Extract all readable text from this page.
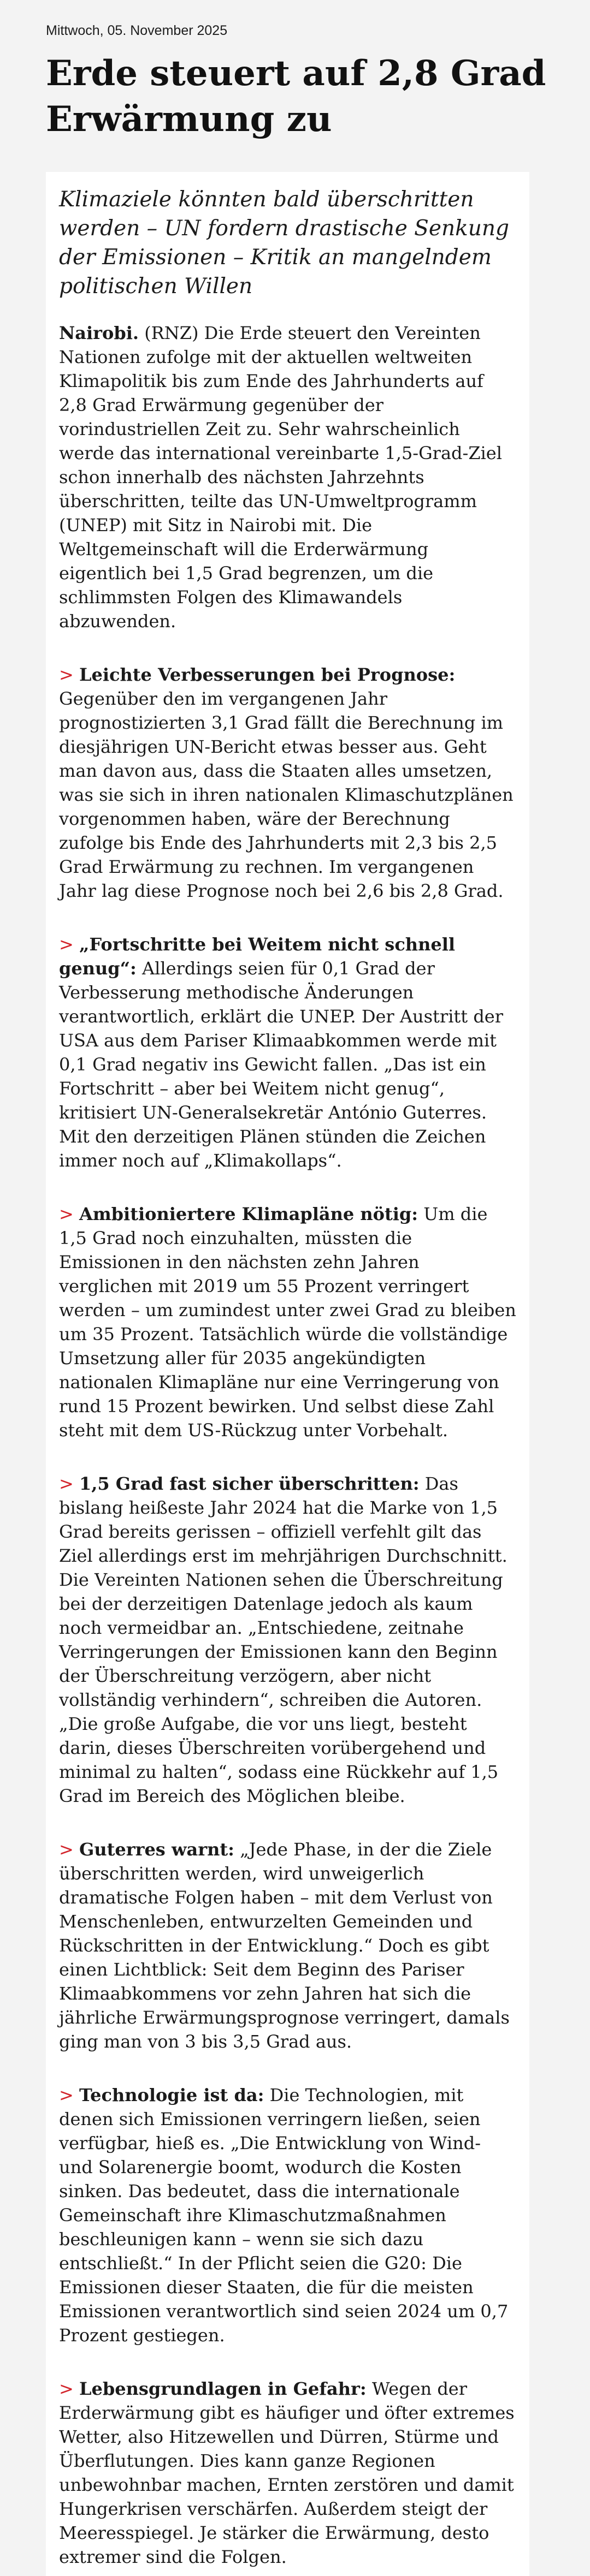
Mittwoch, 05. November 2025
Erde steuert auf 2,8 Grad Erwärmung zu

Klimaziele könnten bald überschritten werden – UN fordern drastische Senkung der Emissionen – Kritik an mangelndem politischen Willen

Nairobi. (RNZ) Die Erde steuert den Vereinten Nationen zufolge mit der aktuellen weltweiten Klimapolitik bis zum Ende des Jahrhunderts auf 2,8 Grad Erwärmung gegenüber der vorindustriellen Zeit zu. Sehr wahrscheinlich werde das international vereinbarte 1,5-Grad-Ziel schon innerhalb des nächsten Jahrzehnts überschritten, teilte das UN-Umweltprogramm (UNEP) mit Sitz in Nairobi mit. Die Weltgemeinschaft will die Erderwärmung eigentlich bei 1,5 Grad begrenzen, um die schlimmsten Folgen des Klimawandels abzuwenden.

> Leichte Verbesserungen bei Prognose: Gegenüber den im vergangenen Jahr prognostizierten 3,1 Grad fällt die Berechnung im diesjährigen UN-Bericht etwas besser aus. Geht man davon aus, dass die Staaten alles umsetzen, was sie sich in ihren nationalen Klimaschutzplänen vorgenommen haben, wäre der Berechnung zufolge bis Ende des Jahrhunderts mit 2,3 bis 2,5 Grad Erwärmung zu rechnen. Im vergangenen Jahr lag diese Prognose noch bei 2,6 bis 2,8 Grad.

> „Fortschritte bei Weitem nicht schnell genug“: Allerdings seien für 0,1 Grad der Verbesserung methodische Änderungen verantwortlich, erklärt die UNEP. Der Austritt der USA aus dem Pariser Klimaabkommen werde mit 0,1 Grad negativ ins Gewicht fallen. „Das ist ein Fortschritt – aber bei Weitem nicht genug“, kritisiert UN-Generalsekretär António Guterres. Mit den derzeitigen Plänen stünden die Zeichen immer noch auf „Klimakollaps“.

> Ambitioniertere Klimapläne nötig: Um die 1,5 Grad noch einzuhalten, müssten die Emissionen in den nächsten zehn Jahren verglichen mit 2019 um 55 Prozent verringert werden – um zumindest unter zwei Grad zu bleiben um 35 Prozent. Tatsächlich würde die vollständige Umsetzung aller für 2035 angekündigten nationalen Klimapläne nur eine Verringerung von rund 15 Prozent bewirken. Und selbst diese Zahl steht mit dem US-Rückzug unter Vorbehalt.

> 1,5 Grad fast sicher überschritten: Das bislang heißeste Jahr 2024 hat die Marke von 1,5 Grad bereits gerissen – offiziell verfehlt gilt das Ziel allerdings erst im mehrjährigen Durchschnitt. Die Vereinten Nationen sehen die Überschreitung bei der derzeitigen Datenlage jedoch als kaum noch vermeidbar an. „Entschiedene, zeitnahe Verringerungen der Emissionen kann den Beginn der Überschreitung verzögern, aber nicht vollständig verhindern“, schreiben die Autoren. „Die große Aufgabe, die vor uns liegt, besteht darin, dieses Überschreiten vorübergehend und minimal zu halten“, sodass eine Rückkehr auf 1,5 Grad im Bereich des Möglichen bleibe.

> Guterres warnt: „Jede Phase, in der die Ziele überschritten werden, wird unweigerlich dramatische Folgen haben – mit dem Verlust von Menschenleben, entwurzelten Gemeinden und Rückschritten in der Entwicklung.“ Doch es gibt einen Lichtblick: Seit dem Beginn des Pariser Klimaabkommens vor zehn Jahren hat sich die jährliche Erwärmungsprognose verringert, damals ging man von 3 bis 3,5 Grad aus.

> Technologie ist da: Die Technologien, mit denen sich Emissionen verringern ließen, seien verfügbar, hieß es. „Die Entwicklung von Wind- und Solarenergie boomt, wodurch die Kosten sinken. Das bedeutet, dass die internationale Gemeinschaft ihre Klimaschutzmaßnahmen beschleunigen kann – wenn sie sich dazu entschließt.“ In der Pflicht seien die G20: Die Emissionen dieser Staaten, die für die meisten Emissionen verantwortlich sind seien 2024 um 0,7 Prozent gestiegen.

> Lebensgrundlagen in Gefahr: Wegen der Erderwärmung gibt es häufiger und öfter extremes Wetter, also Hitzewellen und Dürren, Stürme und Überflutungen. Dies kann ganze Regionen unbewohnbar machen, Ernten zerstören und damit Hungerkrisen verschärfen. Außerdem steigt der Meeresspiegel. Je stärker die Erwärmung, desto extremer sind die Folgen.
